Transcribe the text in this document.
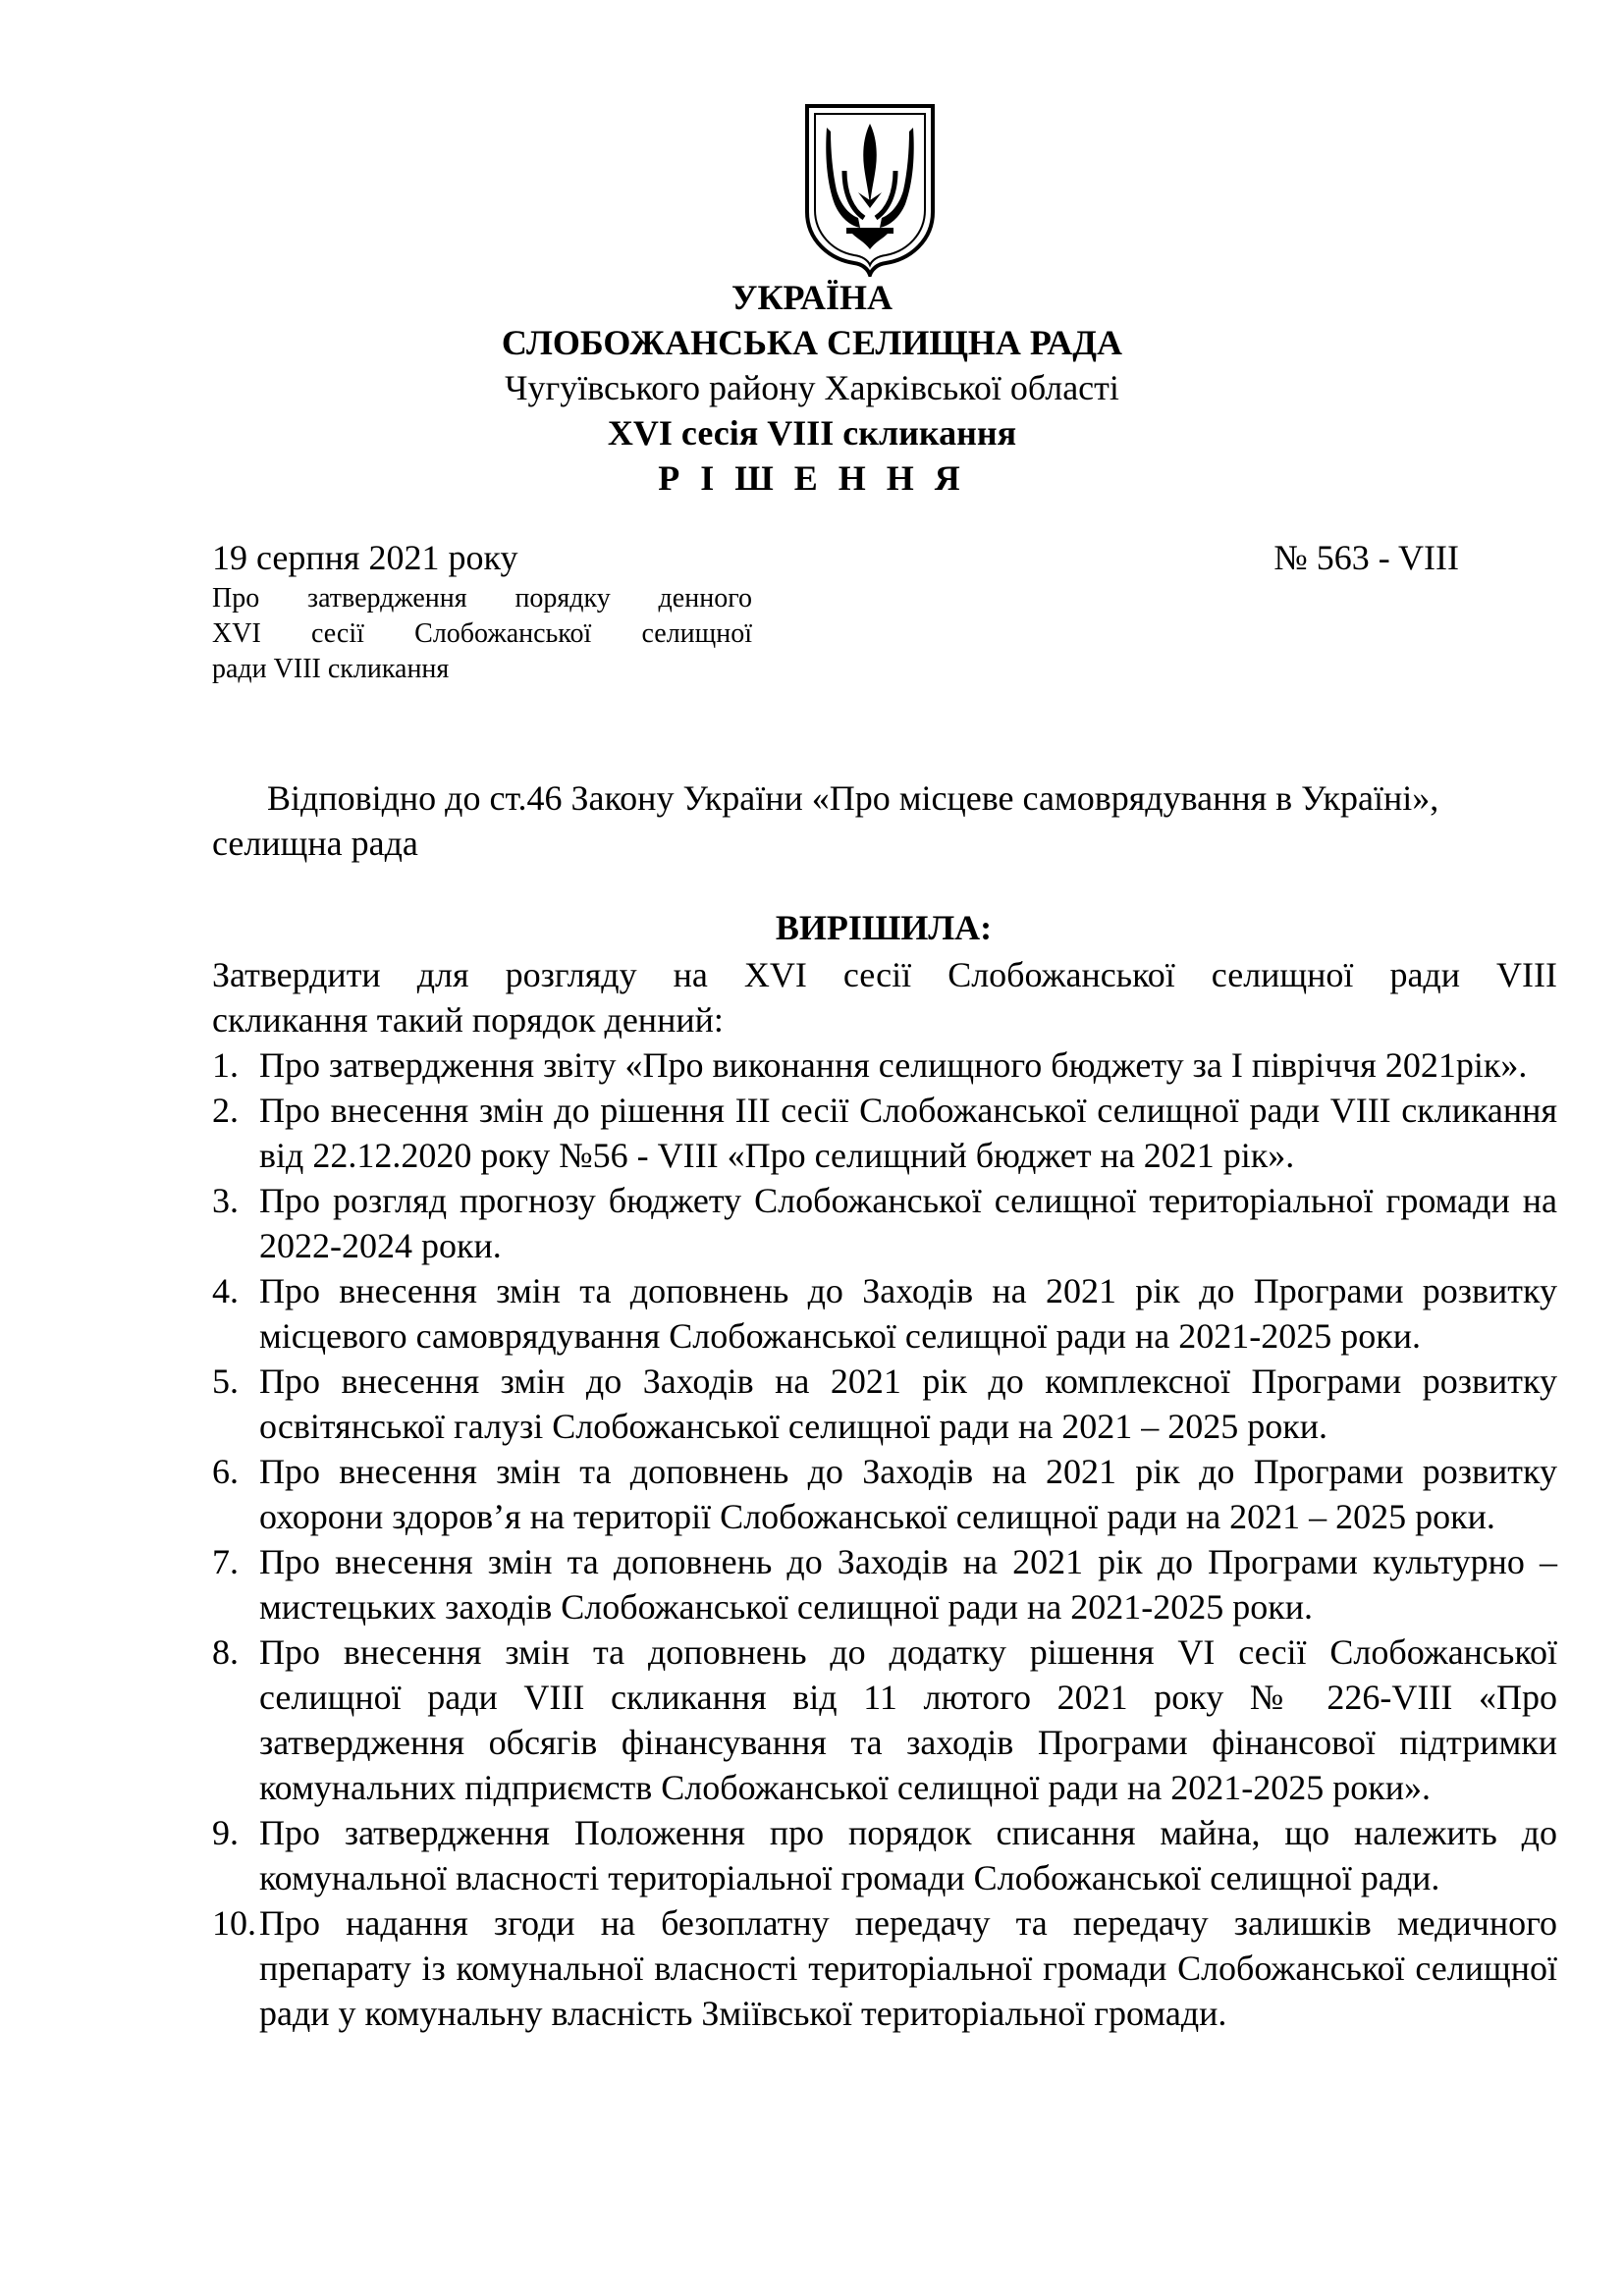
УКРАЇНА
СЛОБОЖАНСЬКА СЕЛИЩНА РАДА
Чугуївського району Харківської області
XVI сесія VIII скликання
Р І Ш Е Н Н Я
19 серпня 2021 року	№ 563 - VIII
Про затвердження порядку денного
XVI сесії Слобожанської селищної
ради VIII скликання
Відповідно до ст.46 Закону України «Про місцеве самоврядування в Україні»,
селищна рада
ВИРІШИЛА:
Затвердити для розгляду на XVI сесії Слобожанської селищної ради VIII
скликання такий порядок денний:
1. Про затвердження звіту «Про виконання селищного бюджету за І півріччя 2021рік».
2. Про внесення змін до рішення ІІІ сесії Слобожанської селищної ради VIII скликання від 22.12.2020 року №56 - VIII «Про селищний бюджет на 2021 рік».
3. Про розгляд прогнозу бюджету Слобожанської селищної територіальної громади на 2022-2024 роки.
4. Про внесення змін та доповнень до Заходів на 2021 рік до Програми розвитку місцевого самоврядування Слобожанської селищної ради на 2021-2025 роки.
5. Про внесення змін до Заходів на 2021 рік до комплексної Програми розвитку освітянської галузі Слобожанської селищної ради на 2021 – 2025 роки.
6. Про внесення змін та доповнень до Заходів на 2021 рік до Програми розвитку охорони здоров’я на території Слобожанської селищної ради на 2021 – 2025 роки.
7. Про внесення змін та доповнень до Заходів на 2021 рік до Програми культурно – мистецьких заходів Слобожанської селищної ради на 2021-2025 роки.
8. Про внесення змін та доповнень до додатку рішення VI сесії Слобожанської селищної ради VIII скликання від 11 лютого 2021 року № 226-VIII «Про затвердження обсягів фінансування та заходів Програми фінансової підтримки комунальних підприємств Слобожанської селищної ради на 2021-2025 роки».
9. Про затвердження Положення про порядок списання майна, що належить до комунальної власності територіальної громади Слобожанської селищної ради.
10. Про надання згоди на безоплатну передачу та передачу залишків медичного препарату із комунальної власності територіальної громади Слобожанської селищної ради у комунальну власність Зміївської територіальної громади.
